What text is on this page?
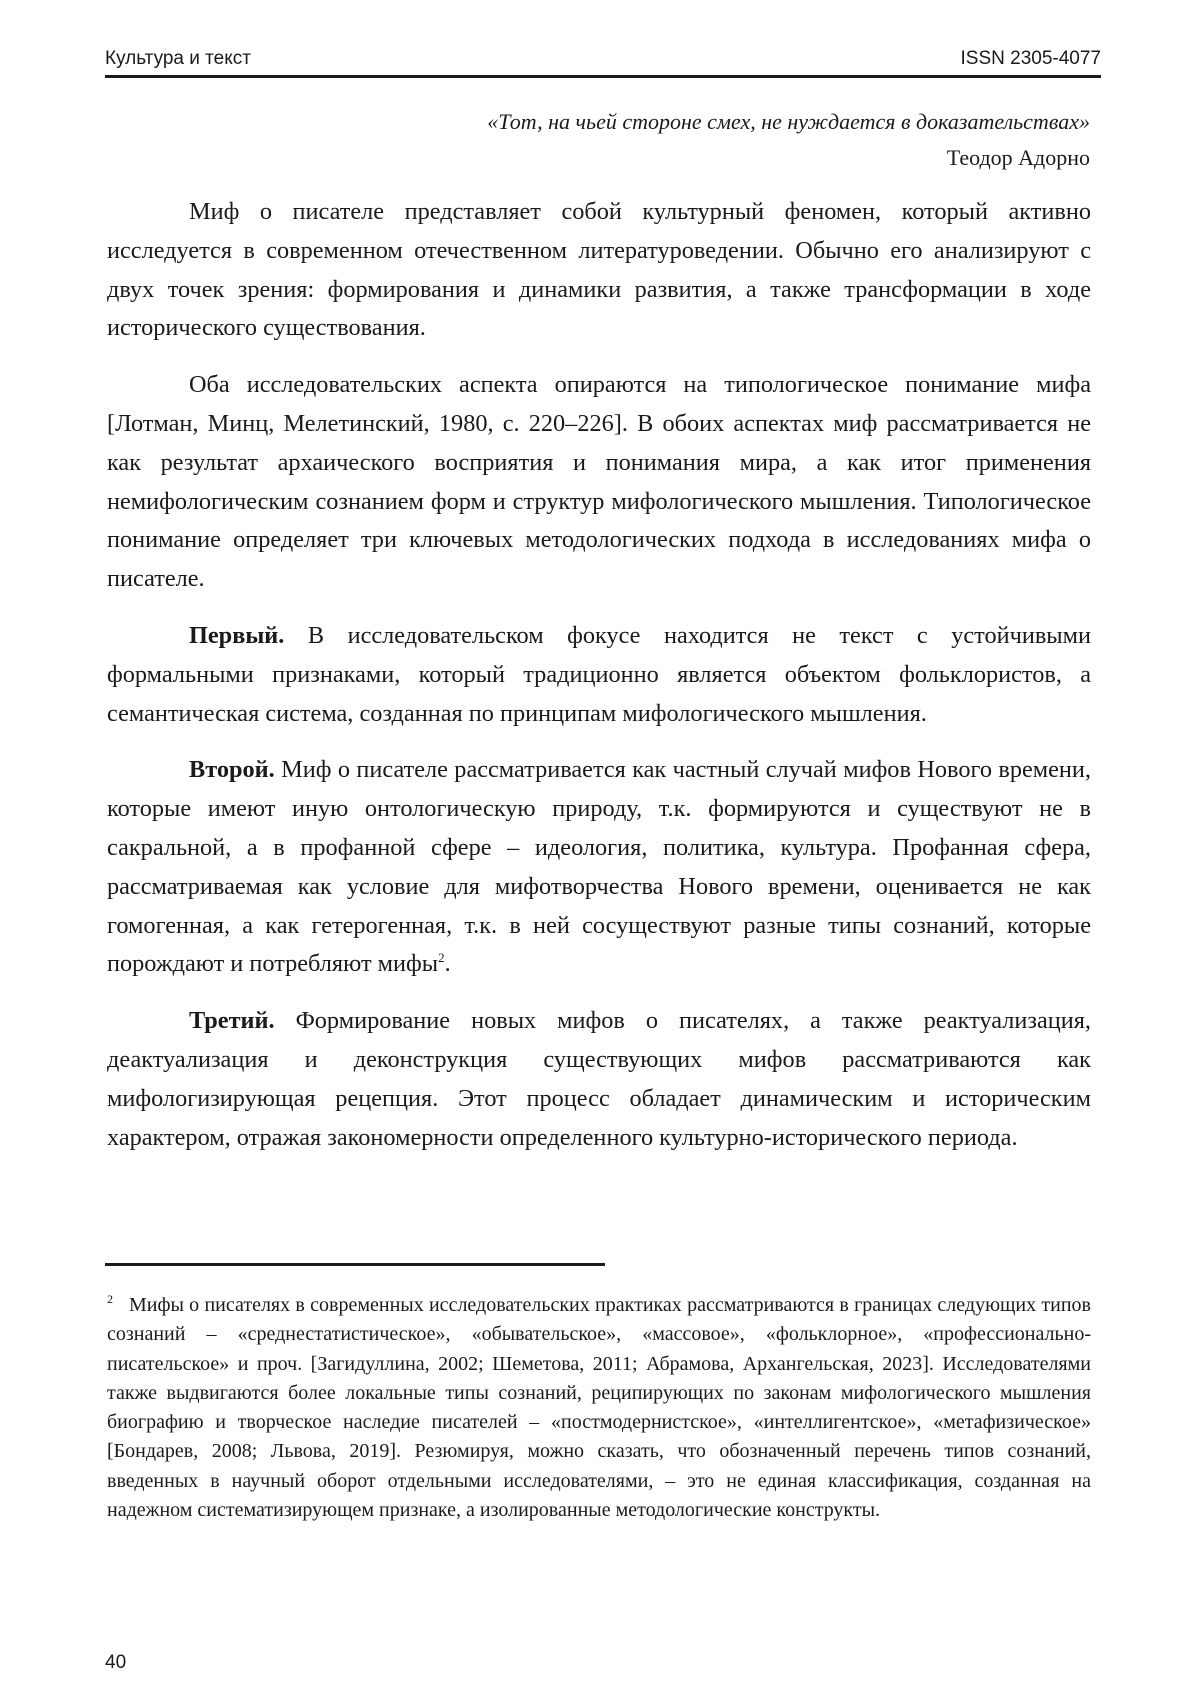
Культура и текст	ISSN 2305-4077
«Тот, на чьей стороне смех, не нуждается в доказательствах»
Теодор Адорно

Миф о писателе представляет собой культурный феномен, который активно исследуется в современном отечественном литературоведении. Обычно его анализируют с двух точек зрения: формирования и динамики развития, а также трансформации в ходе исторического существования.

Оба исследовательских аспекта опираются на типологическое понимание мифа [Лотман, Минц, Мелетинский, 1980, с. 220–226]. В обоих аспектах миф рассматривается не как результат архаического восприятия и понимания мира, а как итог применения немифологическим сознанием форм и структур мифологического мышления. Типологическое понимание определяет три ключевых методологических подхода в исследованиях мифа о писателе.

Первый. В исследовательском фокусе находится не текст с устойчивыми формальными признаками, который традиционно является объектом фольклористов, а семантическая система, созданная по принципам мифологического мышления.

Второй. Миф о писателе рассматривается как частный случай мифов Нового времени, которые имеют иную онтологическую природу, т.к. формируются и существуют не в сакральной, а в профанной сфере – идеология, политика, культура. Профанная сфера, рассматриваемая как условие для мифотворчества Нового времени, оценивается не как гомогенная, а как гетерогенная, т.к. в ней сосуществуют разные типы сознаний, которые порождают и потребляют мифы$^2$.

Третий. Формирование новых мифов о писателях, а также реактуализация, деактуализация и деконструкция существующих мифов рассматриваются как мифологизирующая рецепция. Этот процесс обладает динамическим и историческим характером, отражая закономерности определенного культурно-исторического периода.

$^2$ Мифы о писателях в современных исследовательских практиках рассматриваются в границах следующих типов сознаний – «среднестатистическое», «обывательское», «массовое», «фольклорное», «профессионально-писательское» и проч. [Загидуллина, 2002; Шеметова, 2011; Абрамова, Архангельская, 2023]. Исследователями также выдвигаются более локальные типы сознаний, реципирующих по законам мифологического мышления биографию и творческое наследие писателей – «постмодернистское», «интеллигентское», «метафизическое» [Бондарев, 2008; Львова, 2019]. Резюмируя, можно сказать, что обозначенный перечень типов сознаний, введенных в научный оборот отдельными исследователями, – это не единая классификация, созданная на надежном систематизирующем признаке, а изолированные методологические конструкты.

40
